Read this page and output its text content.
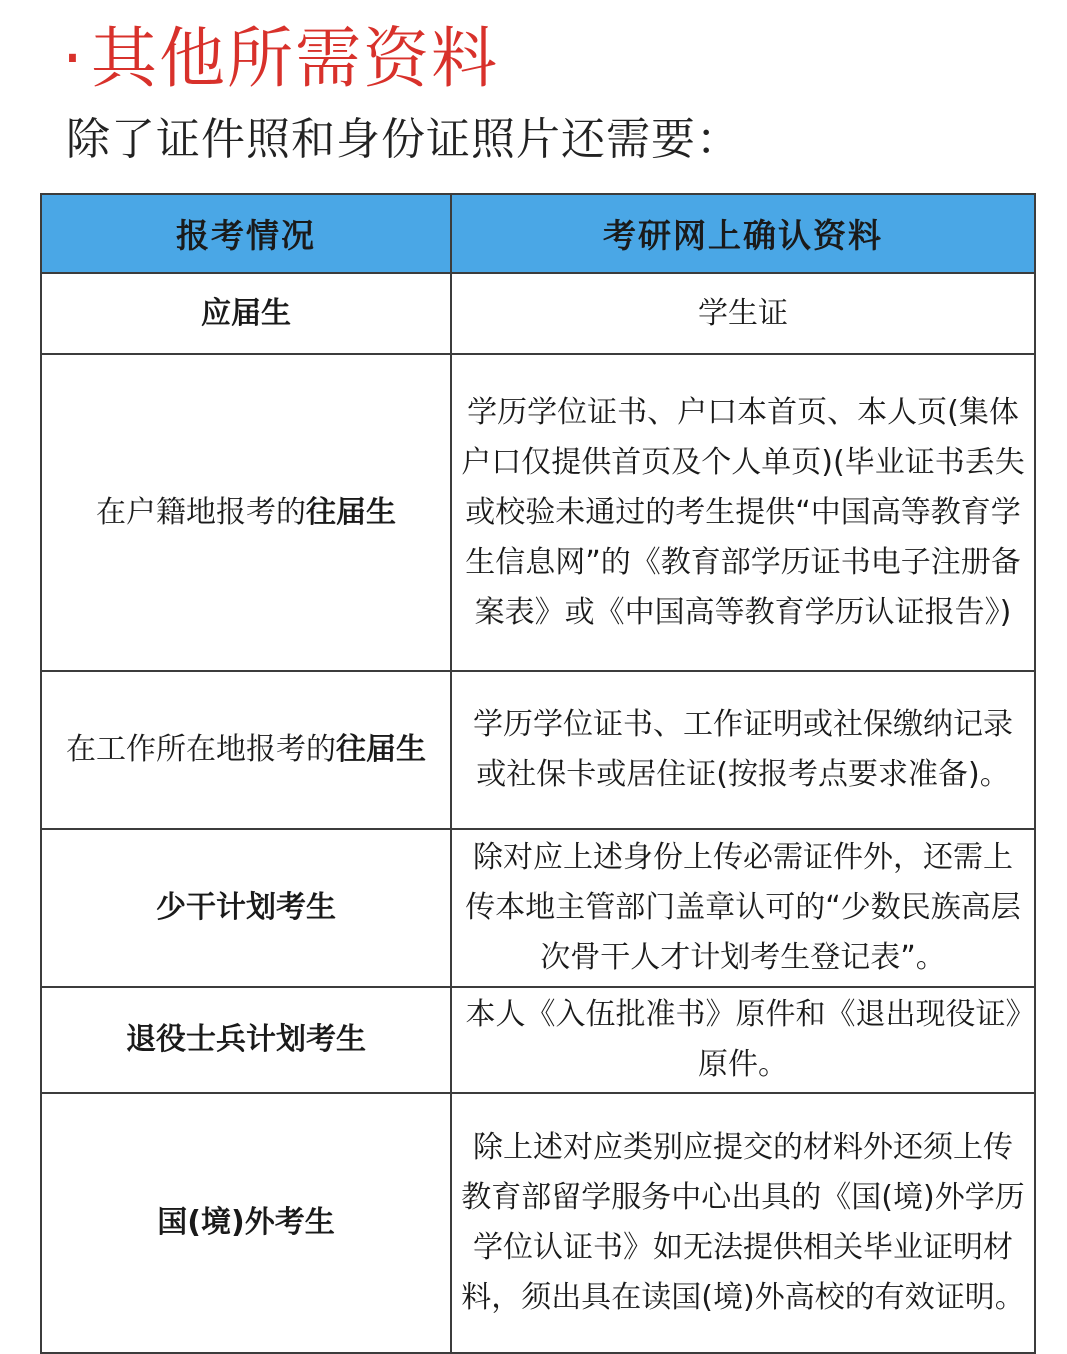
·其他所需资料
除了证件照和身份证照片还需要：
报考情况	考研网上确认资料
应届生	学生证
在户籍地报考的往届生	学历学位证书、户口本首页、本人页(集体户口仅提供首页及个人单页)(毕业证书丢失或校验未通过的考生提供“中国高等教育学生信息网”的《教育部学历证书电子注册备案表》或《中国高等教育学历认证报告》)
在工作所在地报考的往届生	学历学位证书、工作证明或社保缴纳记录或社保卡或居住证(按报考点要求准备)。
少干计划考生	除对应上述身份上传必需证件外，还需上传本地主管部门盖章认可的“少数民族高层次骨干人才计划考生登记表”。
退役士兵计划考生	本人《入伍批准书》原件和《退出现役证》原件。
国(境)外考生	除上述对应类别应提交的材料外还须上传教育部留学服务中心出具的《国(境)外学历学位认证书》如无法提供相关毕业证明材料，须出具在读国(境)外高校的有效证明。
